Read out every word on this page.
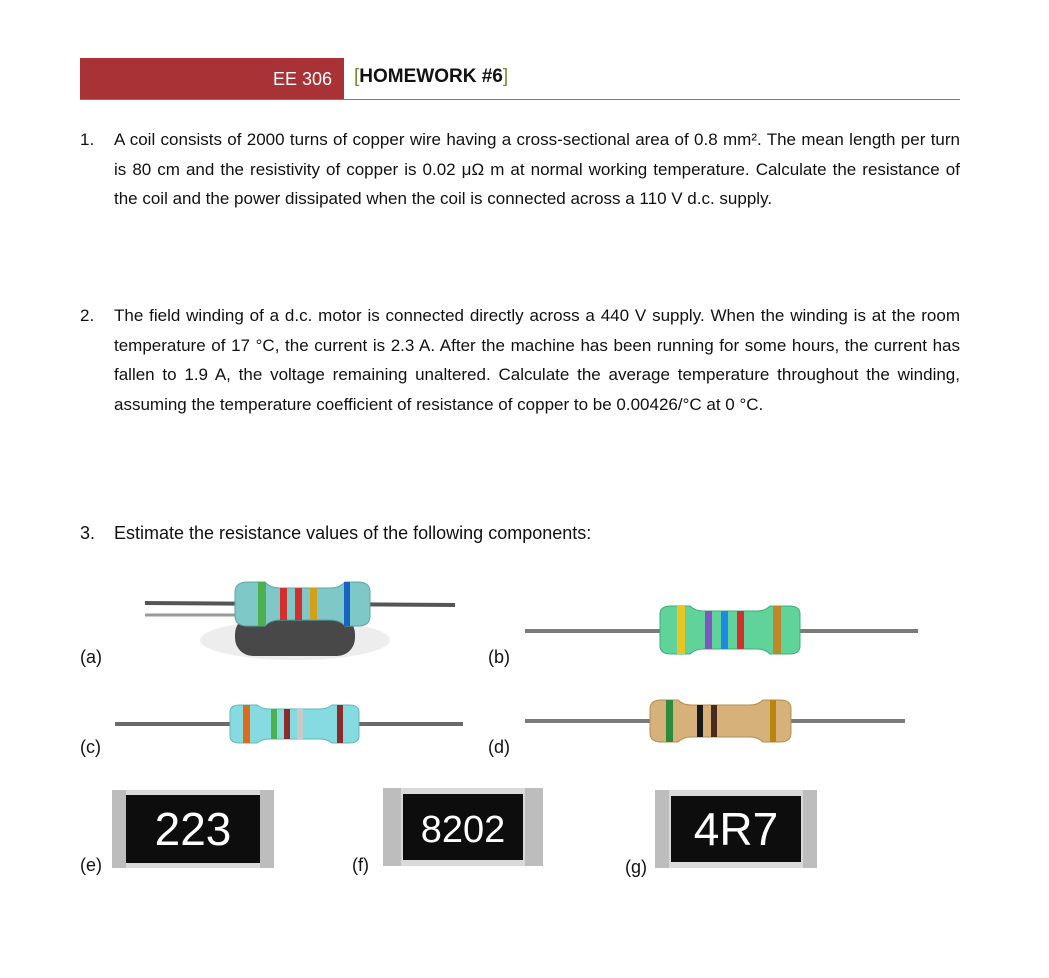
EE 306	[HOMEWORK #6]
1. A coil consists of 2000 turns of copper wire having a cross-sectional area of 0.8 mm². The mean length per turn is 80 cm and the resistivity of copper is 0.02 μΩ m at normal working temperature. Calculate the resistance of the coil and the power dissipated when the coil is connected across a 110 V d.c. supply.
2. The field winding of a d.c. motor is connected directly across a 440 V supply. When the winding is at the room temperature of 17 °C, the current is 2.3 A. After the machine has been running for some hours, the current has fallen to 1.9 A, the voltage remaining unaltered. Calculate the average temperature throughout the winding, assuming the temperature coefficient of resistance of copper to be 0.00426/°C at 0 °C.
3. Estimate the resistance values of the following components:
(a)	(b)
(c)	(d)
223
(e)
8202
(f)
4R7
(g)
